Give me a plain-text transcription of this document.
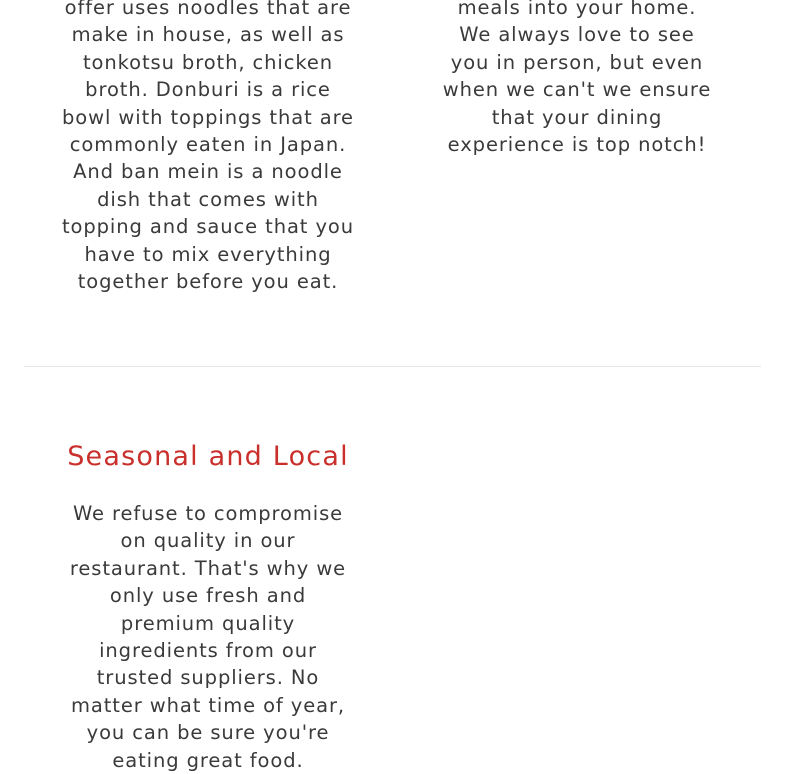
offer uses noodles that are make in house, as well as tonkotsu broth, chicken broth. Donburi is a rice bowl with toppings that are commonly eaten in Japan. And ban mein is a noodle dish that comes with topping and sauce that you have to mix everything together before you eat.

meals into your home. We always love to see you in person, but even when we can't we ensure that your dining experience is top notch!

Seasonal and Local

We refuse to compromise on quality in our restaurant. That's why we only use fresh and premium quality ingredients from our trusted suppliers. No matter what time of year, you can be sure you're eating great food.
